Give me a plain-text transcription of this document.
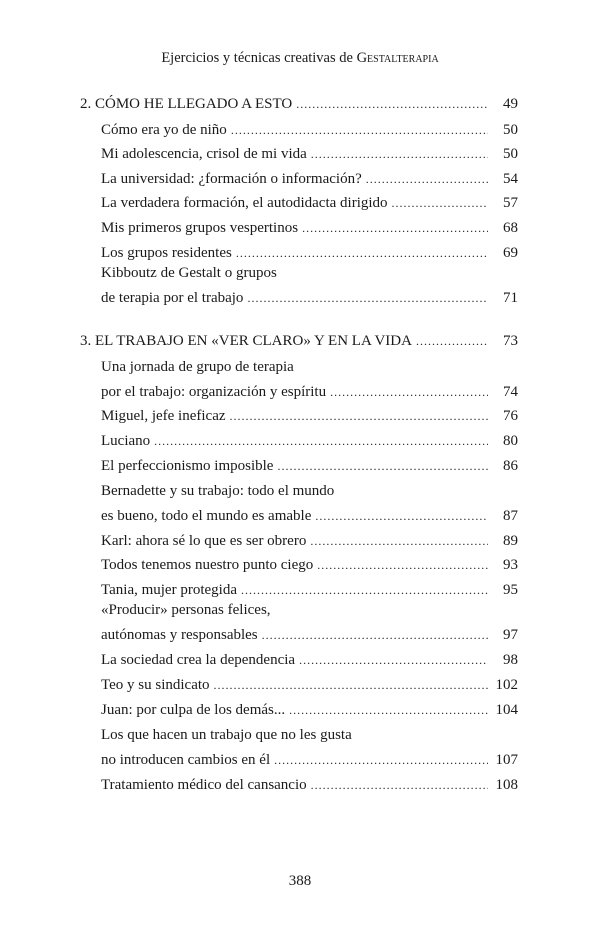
Ejercicios y técnicas creativas de Gestalterapia
2. CÓMO HE LLEGADO A ESTO .....	49
Cómo era yo de niño .....	50
Mi adolescencia, crisol de mi vida .....	50
La universidad: ¿formación o información? .....	54
La verdadera formación, el autodidacta dirigido .....	57
Mis primeros grupos vespertinos .....	68
Los grupos residentes .....	69
Kibboutz de Gestalt o grupos
de terapia por el trabajo .....	71
3. EL TRABAJO EN «VER CLARO» Y EN LA VIDA .....	73
Una jornada de grupo de terapia
por el trabajo: organización y espíritu .....	74
Miguel, jefe ineficaz .....	76
Luciano .....	80
El perfeccionismo imposible .....	86
Bernadette y su trabajo: todo el mundo
es bueno, todo el mundo es amable .....	87
Karl: ahora sé lo que es ser obrero .....	89
Todos tenemos nuestro punto ciego .....	93
Tania, mujer protegida .....	95
«Producir» personas felices,
autónomas y responsables .....	97
La sociedad crea la dependencia .....	98
Teo y su sindicato .....	102
Juan: por culpa de los demás... .....	104
Los que hacen un trabajo que no les gusta
no introducen cambios en él .....	107
Tratamiento médico del cansancio .....	108
388
